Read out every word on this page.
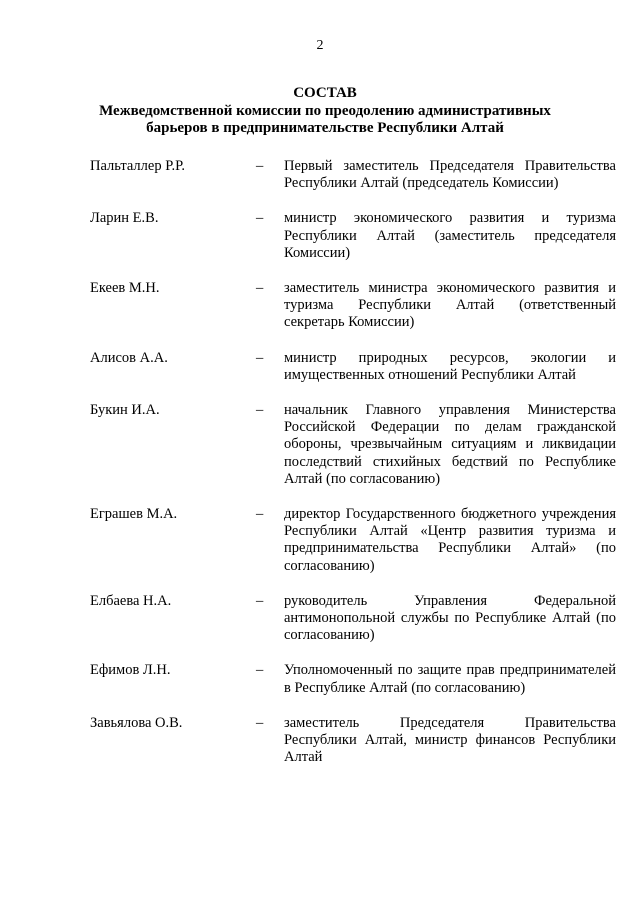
2
СОСТАВ
Межведомственной комиссии по преодолению административных
барьеров в предпринимательстве Республики Алтай
Пальталлер Р.Р.	– Первый заместитель Председателя Правительства Республики Алтай (председатель Комиссии)
Ларин Е.В.	– министр экономического развития и туризма Республики Алтай (заместитель председателя Комиссии)
Екеев М.Н.	– заместитель министра экономического развития и туризма Республики Алтай (ответственный секретарь Комиссии)
Алисов А.А.	– министр природных ресурсов, экологии и имущественных отношений Республики Алтай
Букин И.А.	– начальник Главного управления Министерства Российской Федерации по делам гражданской обороны, чрезвычайным ситуациям и ликвидации последствий стихийных бедствий по Республике Алтай (по согласованию)
Еграшев М.А.	– директор Государственного бюджетного учреждения Республики Алтай «Центр развития туризма и предпринимательства Республики Алтай» (по согласованию)
Елбаева Н.А.	– руководитель Управления Федеральной антимонопольной службы по Республике Алтай (по согласованию)
Ефимов Л.Н.	– Уполномоченный по защите прав предпринимателей в Республике Алтай (по согласованию)
Завьялова О.В.	– заместитель Председателя Правительства Республики Алтай, министр финансов Республики Алтай
